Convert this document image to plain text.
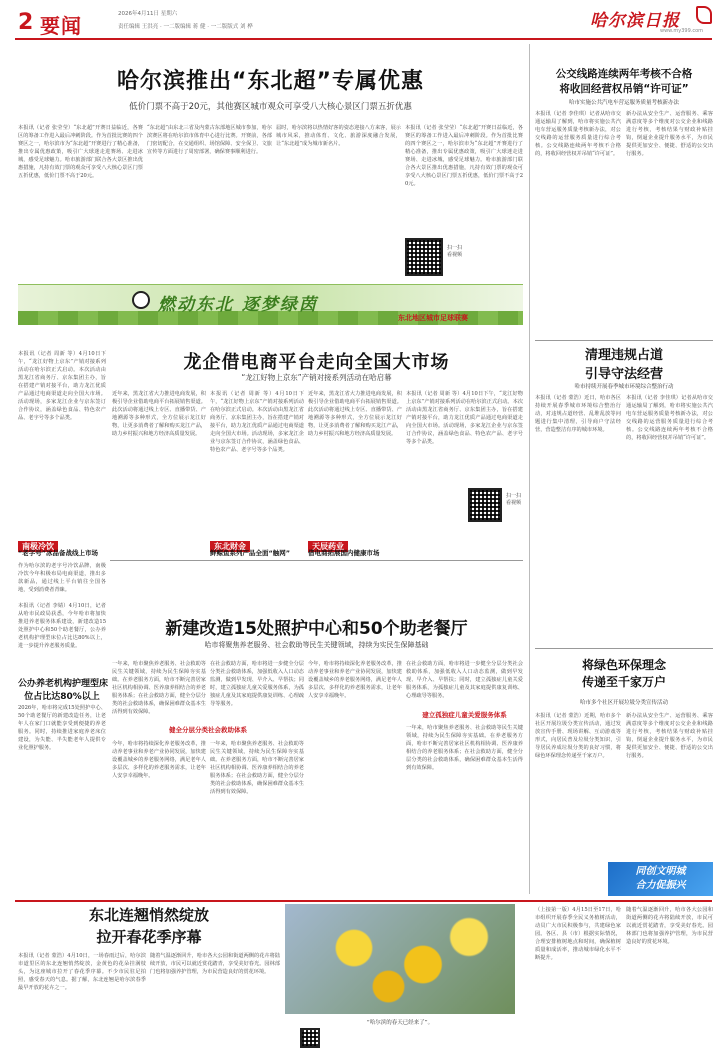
2 要闻	2026年4月11日 星期六
责任编辑 王洪亮 · 一二版编辑 蒋 健 · 一二版版式 刘 桦	哈尔滨日报
www.my399.com
哈尔滨推出“东北超”专属优惠
低价门票不高于20元，其他赛区城市观众可享受八大核心景区门票五折优惠
本报讯（记者 张莹莹）“东北超”开赛日益临近，各赛区的筹备工作进入最后冲刺阶段。作为首批比赛的四个赛区之一，哈尔滨市为“东北超”开赛进行了精心准备，推出专属优惠政策，吸引广大球迷走进赛场、走进冰城，感受足球魅力。哈市旅游部门联合各大景区推出优惠措施，凡持有效门票的观众可享受八大核心景区门票五折优惠，低价门票不高于20元。
“东北超”由东北三省及内蒙古东部地区城市参加，哈尔滨赛区将在哈尔滨市体育中心进行比赛。开赛前，各部门密切配合，在交通组织、场馆保障、安全保卫、文旅宣传等方面进行了周密部署，确保赛事顺利进行。
届时，哈尔滨将以热情好客的姿态迎接八方来客，展示城市风采，推动体育、文化、旅游深度融合发展，让“东北超”成为城市新名片。
本报讯（记者 张莹莹）“东北超”开赛日益临近，各赛区的筹备工作进入最后冲刺阶段。作为首批比赛的四个赛区之一，哈尔滨市为“东北超”开赛进行了精心准备，推出专属优惠政策，吸引广大球迷走进赛场、走进冰城，感受足球魅力。哈市旅游部门联合各大景区推出优惠措施，凡持有效门票的观众可享受八大核心景区门票五折优惠，低价门票不高于20元。
扫一扫
看视频
燃动东北 逐梦绿茵
东北地区城市足球联赛
龙企借电商平台走向全国大市场
“龙江好物上京东”产销对接系列活动在哈启幕
本报讯（记者 周新 等）4月10日下午，“龙江好物上京东”产销对接系列活动在哈尔滨正式启动。本次活动由黑龙江省商务厅、京东集团主办，旨在搭建产销对接平台，助力龙江优质产品通过电商渠道走向全国大市场。活动现场，多家龙江企业与京东签订合作协议，涵盖绿色食品、特色农产品、老字号等多个品类。
近年来，黑龙江省大力推进电商发展，积极引导企业借助电商平台拓展销售渠道。此次活动将通过线上专区、直播带货、产地溯源等多种形式，全方位展示龙江好物，让更多消费者了解和购买龙江产品，助力乡村振兴和地方经济高质量发展。
本报讯（记者 周新 等）4月10日下午，“龙江好物上京东”产销对接系列活动在哈尔滨正式启动。本次活动由黑龙江省商务厅、京东集团主办，旨在搭建产销对接平台，助力龙江优质产品通过电商渠道走向全国大市场。活动现场，多家龙江企业与京东签订合作协议，涵盖绿色食品、特色农产品、老字号等多个品类。
近年来，黑龙江省大力推进电商发展，积极引导企业借助电商平台拓展销售渠道。此次活动将通过线上专区、直播带货、产地溯源等多种形式，全方位展示龙江好物，让更多消费者了解和购买龙江产品，助力乡村振兴和地方经济高质量发展。
本报讯（记者 周新 等）4月10日下午，“龙江好物上京东”产销对接系列活动在哈尔滨正式启动。本次活动由黑龙江省商务厅、京东集团主办，旨在搭建产销对接平台，助力龙江优质产品通过电商渠道走向全国大市场。活动现场，多家龙江企业与京东签订合作协议，涵盖绿色食品、特色农产品、老字号等多个品类。
南极冷饮
“老字号”冰品备战线上市场
东北财金
鲜鲸鱼系列产品全面“触网”
天辰药业
借电商拓展国内健康市场
扫一扫
看视频
作为哈尔滨的老字号冷饮品牌，南极冷饮今年积极布局电商渠道，推出多款新品，通过线上平台销往全国各地，受到消费者青睐。
本报讯（记者 李婧）4月10日，记者从哈市民政局获悉，今年哈市将加快推进养老服务体系建设，新建改造15处照护中心和50个助老餐厅，公办养老机构护理型床位占比达80%以上，进一步提升养老服务质量。
公办养老机构护理型床
位占比达80%以上
2026年，哈市将完成15处照护中心、50个助老餐厅的新建改造任务，让老年人在家门口就能享受到便捷的养老服务。同时，持续推进家庭养老床位建设，为失能、半失能老年人提供专业化照护服务。
新建改造15处照护中心和50个助老餐厅
哈市将聚焦养老服务、社会救助等民生关键领域，持续为实民生保障基础
一年来，哈市聚焦养老服务、社会救助等民生关键领域，持续为民生保障夯实基础。在养老服务方面，哈市不断完善居家社区机构相协调、医养康养相结合的养老服务体系；在社会救助方面，健全分层分类的社会救助体系，确保困难群众基本生活得到有效保障。
今年，哈市将持续深化养老服务改革，推动养老事业和养老产业协同发展，加快建设覆盖城乡的养老服务网络，满足老年人多层次、多样化的养老服务需求，让老年人安享幸福晚年。
在社会救助方面，哈市将进一步健全分层分类社会救助体系，加强低收入人口动态监测，做到早发现、早介入、早帮扶；同时，建立孤独症儿童关爱服务体系，为孤独症儿童及其家庭提供康复训练、心理疏导等服务。
健全分层分类社会救助体系
一年来，哈市聚焦养老服务、社会救助等民生关键领域，持续为民生保障夯实基础。在养老服务方面，哈市不断完善居家社区机构相协调、医养康养相结合的养老服务体系；在社会救助方面，健全分层分类的社会救助体系，确保困难群众基本生活得到有效保障。
今年，哈市将持续深化养老服务改革，推动养老事业和养老产业协同发展，加快建设覆盖城乡的养老服务网络，满足老年人多层次、多样化的养老服务需求，让老年人安享幸福晚年。
在社会救助方面，哈市将进一步健全分层分类社会救助体系，加强低收入人口动态监测，做到早发现、早介入、早帮扶；同时，建立孤独症儿童关爱服务体系，为孤独症儿童及其家庭提供康复训练、心理疏导等服务。
建立孤独症儿童关爱服务体系
一年来，哈市聚焦养老服务、社会救助等民生关键领域，持续为民生保障夯实基础。在养老服务方面，哈市不断完善居家社区机构相协调、医养康养相结合的养老服务体系；在社会救助方面，健全分层分类的社会救助体系，确保困难群众基本生活得到有效保障。
公交线路连续两年考核不合格
将收回经营权吊销“许可证”
哈市实施公共汽电车营运服务质量考核新办法
本报讯（记者 李佳琪）记者从哈市交通运输局了解到，哈市将实施公共汽电车营运服务质量考核新办法，对公交线路的运营服务质量进行综合考核。公交线路连续两年考核不合格的，将收回经营权并吊销“许可证”。
新办法从安全生产、运营服务、乘客满意度等多个维度对公交企业和线路进行考核，考核结果与财政补贴挂钩，倒逼企业提升服务水平，为市民提供更加安全、便捷、舒适的公交出行服务。
清理违规占道
引导守法经营
哈市持续开展春季城市环境综合整治行动
本报讯（记者 蒙浩）近日，哈市各区持续开展春季城市环境综合整治行动，对违规占道经营、乱堆乱放等问题进行集中清理，引导商户守法经营，营造整洁有序的城市环境。
本报讯（记者 李佳琪）记者从哈市交通运输局了解到，哈市将实施公共汽电车营运服务质量考核新办法，对公交线路的运营服务质量进行综合考核。公交线路连续两年考核不合格的，将收回经营权并吊销“许可证”。
将绿色环保理念
传递至千家万户
哈市多个社区开展垃圾分类宣传活动
本报讯（记者 蒙浩）近期，哈市多个社区开展垃圾分类宣传活动，通过发放宣传手册、现场讲解、互动游戏等形式，向居民普及垃圾分类知识，引导居民养成垃圾分类的良好习惯，将绿色环保理念传递至千家万户。
新办法从安全生产、运营服务、乘客满意度等多个维度对公交企业和线路进行考核，考核结果与财政补贴挂钩，倒逼企业提升服务水平，为市民提供更加安全、便捷、舒适的公交出行服务。
同创文明城
合力促振兴
东北连翘悄然绽放
拉开春花季序幕
本报讯（记者 蒙浩）4月10日，一场春雨过后，哈尔滨市道里区的东北连翘悄然绽放，金黄色的花朵挂满枝头，为这座城市拉开了春花季序幕。不少市民驻足拍照，感受春天的气息。据了解，东北连翘是哈尔滨春季最早开放的花卉之一。
随着气温逐渐回升，哈市各大公园和街道两侧的花卉将陆续开放，市民可以就近赏花踏青，享受美好春光。园林部门也将加强养护管理，为市民营造良好的赏花环境。
“哈尔滨的春天已经来了”。
（上接第一版）4月15日至17日，哈市组织开展春季全民义务植树活动，动员广大市民积极参与，共建绿色家园。各区、县（市）根据实际情况，合理安排植树地点和时间，确保植树质量和成活率，推动城市绿化水平不断提升。
随着气温逐渐回升，哈市各大公园和街道两侧的花卉将陆续开放，市民可以就近赏花踏青，享受美好春光。园林部门也将加强养护管理，为市民营造良好的赏花环境。
